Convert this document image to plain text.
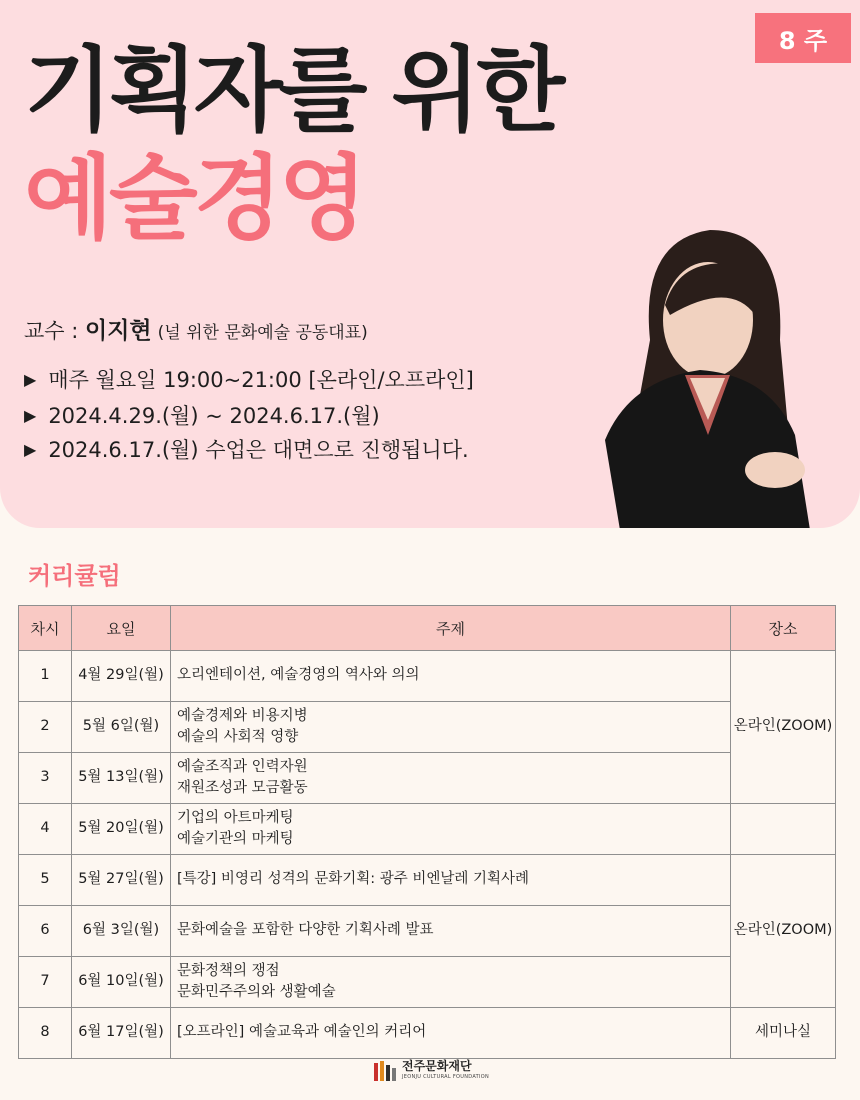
8 주
기획자를 위한
예술경영
교수 : 이지현 (널 위한 문화예술 공동대표)
▶ 매주 월요일 19:00~21:00 [온라인/오프라인]
▶ 2024.4.29.(월) ~ 2024.6.17.(월)
▶ 2024.6.17.(월) 수업은 대면으로 진행됩니다.
커리큘럼
차시	요일	주제	장소
1	4월 29일(월)	오리엔테이션, 예술경영의 역사와 의의	온라인(ZOOM)
2	5월 6일(월)	예술경제와 비용지병
예술의 사회적 영향	

3	5월 13일(월)	예술조직과 인력자원
재원조성과 모금활동	

4	5월 20일(월)	기업의 아트마케팅
예술기관의 마케팅	

5	5월 27일(월)	[특강] 비영리 성격의 문화기획: 광주 비엔날레 기획사례	온라인(ZOOM)
6	6월 3일(월)	문화예술을 포함한 다양한 기획사례 발표	

7	6월 10일(월)	문화정책의 쟁점
문화민주주의와 생활예술	

8	6월 17일(월)	[오프라인] 예술교육과 예술인의 커리어	세미나실
전주문화재단
JEONJU CULTURAL FOUNDATION
